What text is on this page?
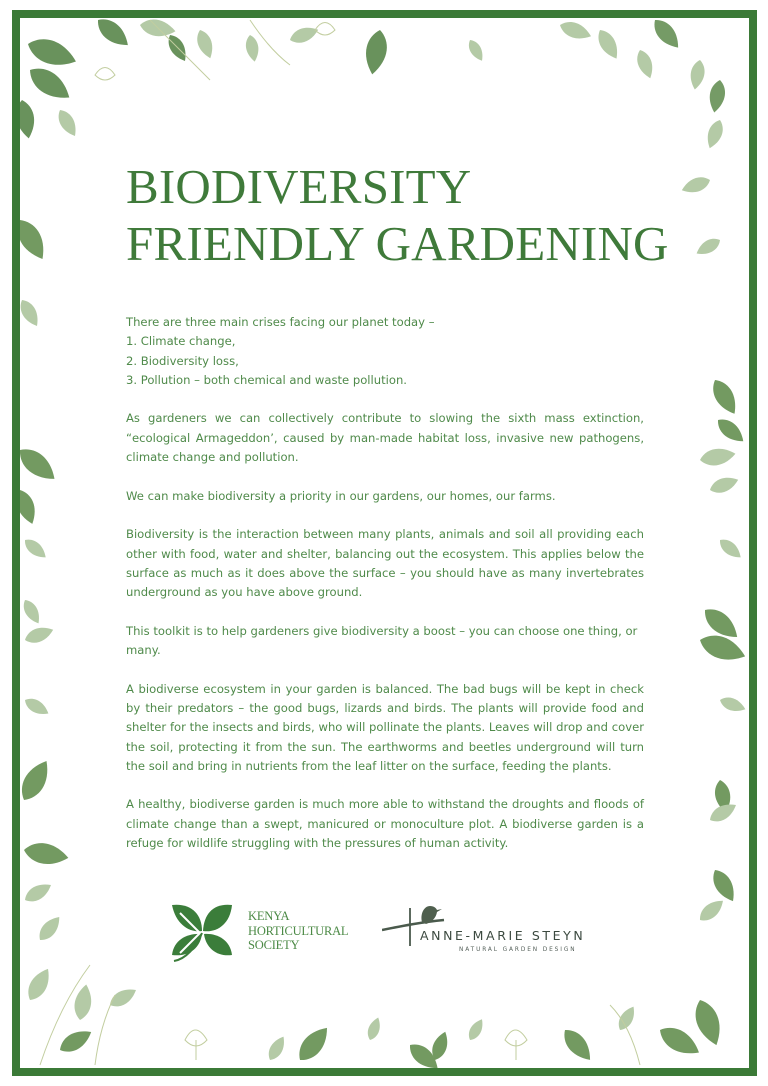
BIODIVERSITY
FRIENDLY GARDENING

There are three main crises facing our planet today –
1. Climate change,
2. Biodiversity loss,
3. Pollution – both chemical and waste pollution.

As gardeners we can collectively contribute to slowing the sixth mass extinction, “ecological Armageddon’, caused by man-made habitat loss, invasive new pathogens, climate change and pollution.

We can make biodiversity a priority in our gardens, our homes, our farms.

Biodiversity is the interaction between many plants, animals and soil all providing each other with food, water and shelter, balancing out the ecosystem. This applies below the surface as much as it does above the surface – you should have as many invertebrates underground as you have above ground.

This toolkit is to help gardeners give biodiversity a boost – you can choose one thing, or many.

A biodiverse ecosystem in your garden is balanced. The bad bugs will be kept in check by their predators – the good bugs, lizards and birds. The plants will provide food and shelter for the insects and birds, who will pollinate the plants. Leaves will drop and cover the soil, protecting it from the sun. The earthworms and beetles underground will turn the soil and bring in nutrients from the leaf litter on the surface, feeding the plants.

A healthy, biodiverse garden is much more able to withstand the droughts and floods of climate change than a swept, manicured or monoculture plot. A biodiverse garden is a refuge for wildlife struggling with the pressures of human activity.

KENYA
HORTICULTURAL
SOCIETY
ANNE-MARIE STEYN
NATURAL GARDEN DESIGN
